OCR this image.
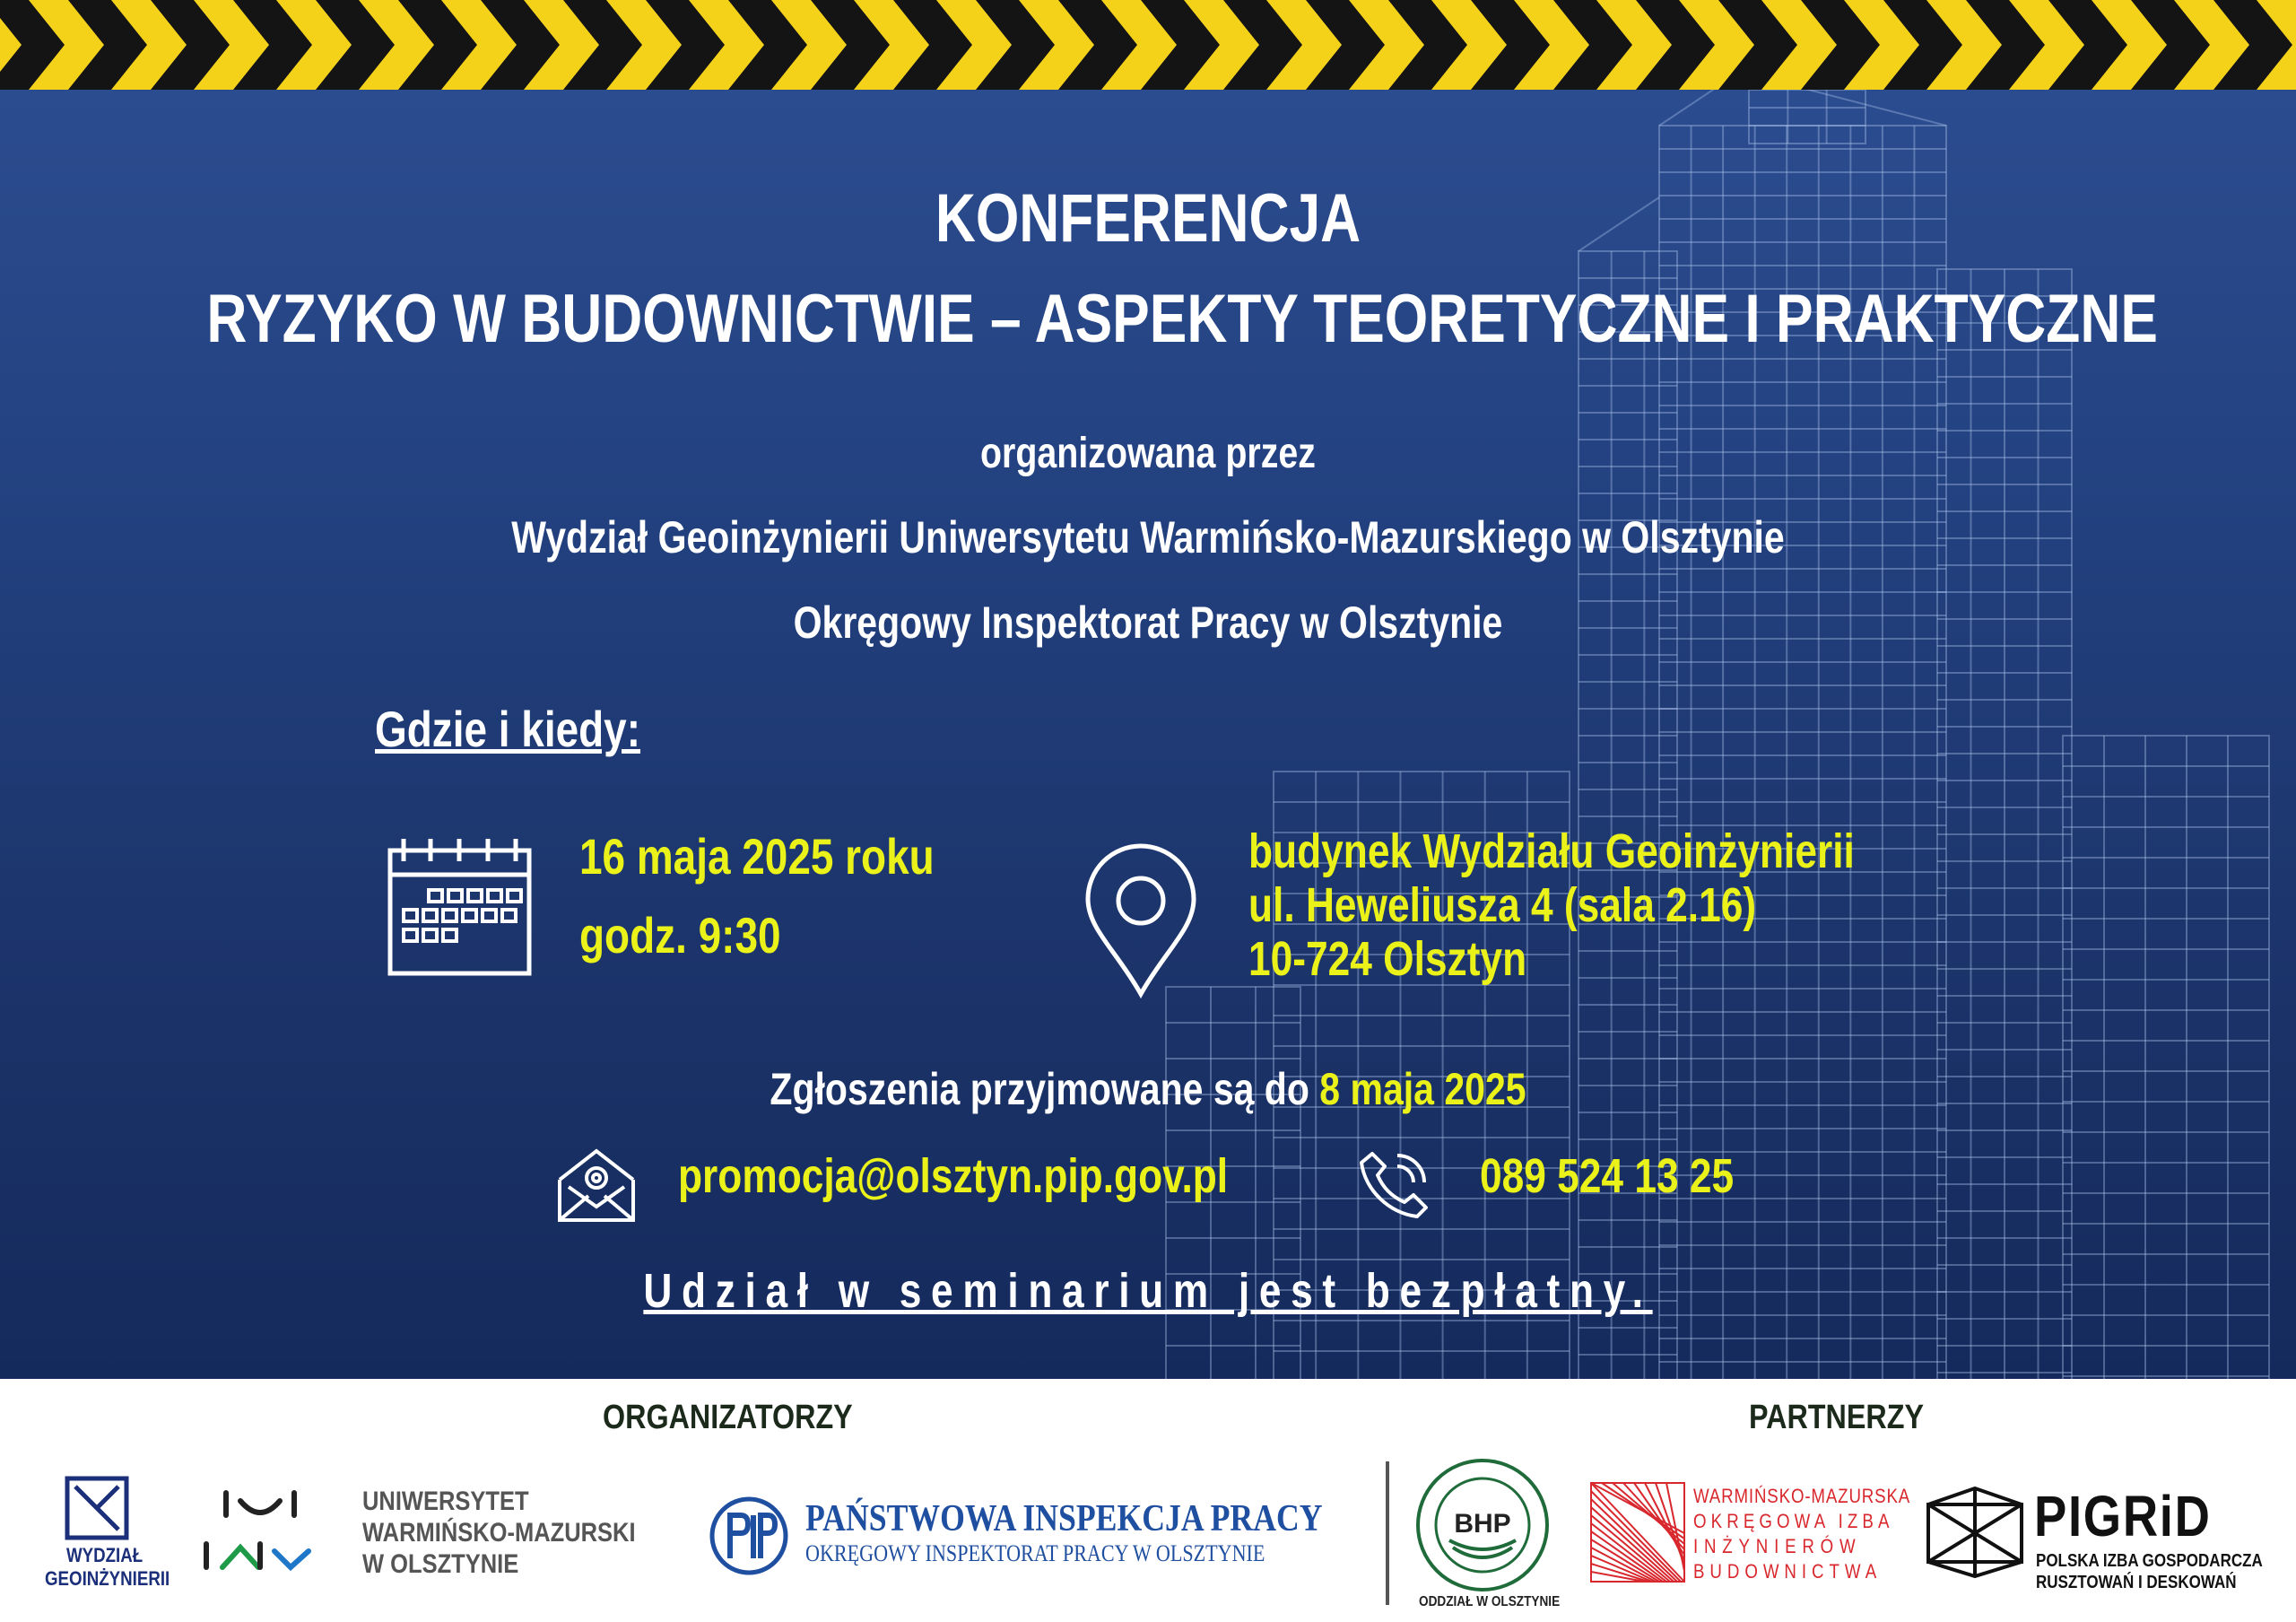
KONFERENCJA
RYZYKO W BUDOWNICTWIE – ASPEKTY TEORETYCZNE I PRAKTYCZNE
organizowana przez
Wydział Geoinżynierii Uniwersytetu Warmińsko-Mazurskiego w Olsztynie
Okręgowy Inspektorat Pracy w Olsztynie
Gdzie i kiedy:
16 maja 2025 roku
godz. 9:30
budynek Wydziału Geoinżynierii
ul. Heweliusza 4 (sala 2.16)
10-724 Olsztyn
Zgłoszenia przyjmowane są do 8 maja 2025
promocja@olsztyn.pip.gov.pl	089 524 13 25
Udział w seminarium jest bezpłatny.
ORGANIZATORZY	PARTNERZY
WYDZIAŁ
GEOINŻYNIERII
UNIWERSYTET
WARMIŃSKO-MAZURSKI
W OLSZTYNIE
PAŃSTWOWA INSPEKCJA PRACY
OKRĘGOWY INSPEKTORAT PRACY W OLSZTYNIE
BHP
ODDZIAŁ W OLSZTYNIE
WARMIŃSKO-MAZURSKA
OKRĘGOWA IZBA
INŻYNIERÓW
BUDOWNICTWA
PIGRiD
POLSKA IZBA GOSPODARCZA
RUSZTOWAŃ I DESKOWAŃ
